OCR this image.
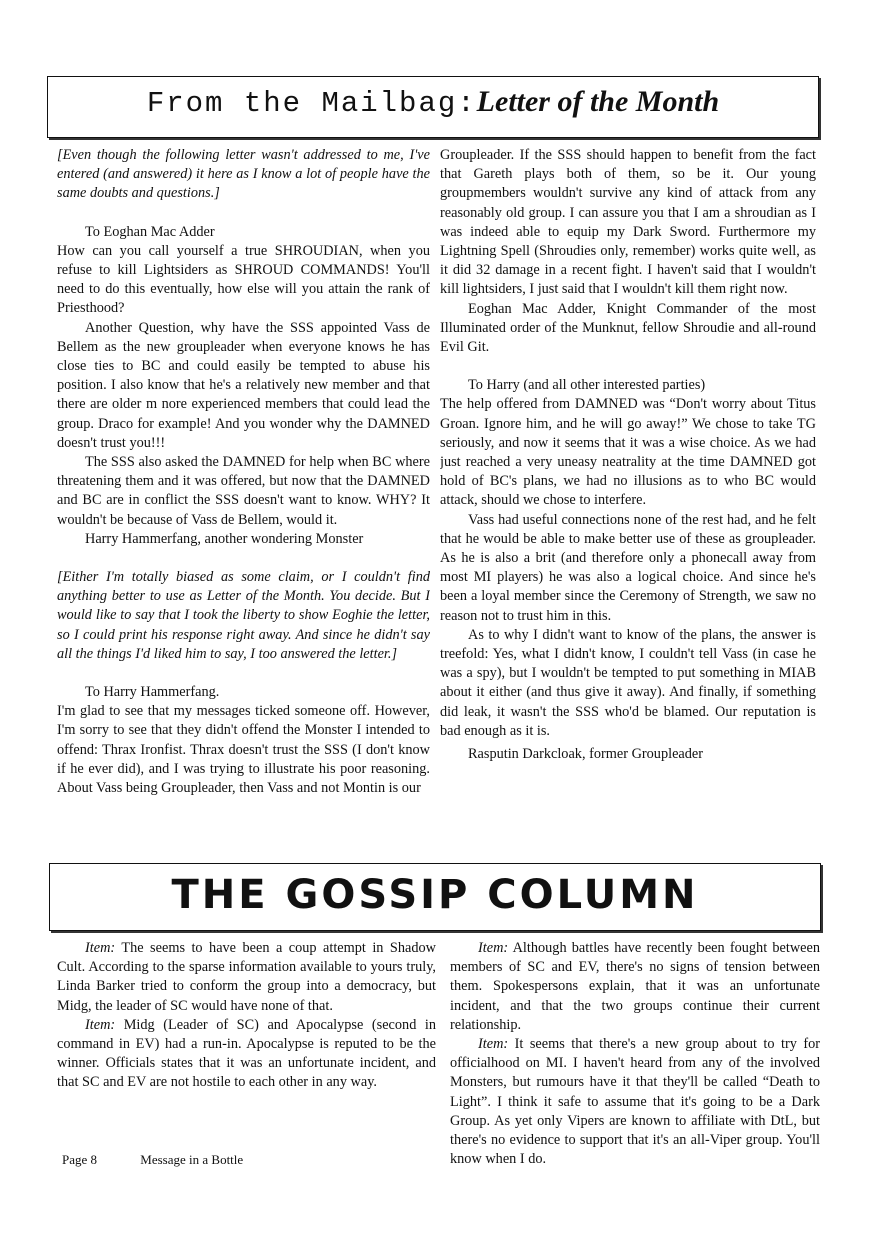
From the Mailbag:Letter of the Month

[Even though the following letter wasn't addressed to me, I've entered (and answered) it here as I know a lot of people have the same doubts and questions.]

To Eoghan Mac Adder

How can you call yourself a true SHROUDIAN, when you refuse to kill Lightsiders as SHROUD COMMANDS! You'll need to do this eventually, how else will you attain the rank of Priesthood?

Another Question, why have the SSS appointed Vass de Bellem as the new groupleader when everyone knows he has close ties to BC and could easily be tempted to abuse his position. I also know that he's a relatively new member and that there are older m nore experienced members that could lead the group. Draco for example! And you wonder why the DAMNED doesn't trust you!!!

The SSS also asked the DAMNED for help when BC where threatening them and it was offered, but now that the DAMNED and BC are in conflict the SSS doesn't want to know. WHY? It wouldn't be because of Vass de Bellem, would it.

Harry Hammerfang, another wondering Monster

[Either I'm totally biased as some claim, or I couldn't find anything better to use as Letter of the Month. You decide. But I would like to say that I took the liberty to show Eoghie the letter, so I could print his response right away. And since he didn't say all the things I'd liked him to say, I too answered the letter.]

To Harry Hammerfang.

I'm glad to see that my messages ticked someone off. However, I'm sorry to see that they didn't offend the Monster I intended to offend: Thrax Ironfist. Thrax doesn't trust the SSS (I don't know if he ever did), and I was trying to illustrate his poor reasoning. About Vass being Groupleader, then Vass and not Montin is our

Groupleader. If the SSS should happen to benefit from the fact that Gareth plays both of them, so be it. Our young groupmembers wouldn't survive any kind of attack from any reasonably old group. I can assure you that I am a shroudian as I was indeed able to equip my Dark Sword. Furthermore my Lightning Spell (Shroudies only, remember) works quite well, as it did 32 damage in a recent fight. I haven't said that I wouldn't kill lightsiders, I just said that I wouldn't kill them right now.

Eoghan Mac Adder, Knight Commander of the most Illuminated order of the Munknut, fellow Shroudie and all-round Evil Git.

To Harry (and all other interested parties)

The help offered from DAMNED was “Don't worry about Titus Groan. Ignore him, and he will go away!” We chose to take TG seriously, and now it seems that it was a wise choice. As we had just reached a very uneasy neatrality at the time DAMNED got hold of BC's plans, we had no illusions as to who BC would attack, should we chose to interfere.

Vass had useful connections none of the rest had, and he felt that he would be able to make better use of these as groupleader. As he is also a brit (and therefore only a phonecall away from most MI players) he was also a logical choice. And since he's been a loyal member since the Ceremony of Strength, we saw no reason not to trust him in this.

As to why I didn't want to know of the plans, the answer is treefold: Yes, what I didn't know, I couldn't tell Vass (in case he was a spy), but I wouldn't be tempted to put something in MIAB about it either (and thus give it away). And finally, if something did leak, it wasn't the SSS who'd be blamed. Our reputation is bad enough as it is.

Rasputin Darkcloak, former Groupleader

THE GOSSIP COLUMN

Item: The seems to have been a coup attempt in Shadow Cult. According to the sparse information available to yours truly, Linda Barker tried to conform the group into a democracy, but Midg, the leader of SC would have none of that.

Item: Midg (Leader of SC) and Apocalypse (second in command in EV) had a run-in. Apocalypse is reputed to be the winner. Officials states that it was an unfortunate incident, and that SC and EV are not hostile to each other in any way.

Item: Although battles have recently been fought between members of SC and EV, there's no signs of tension between them. Spokespersons explain, that it was an unfortunate incident, and that the two groups continue their current relationship.

Item: It seems that there's a new group about to try for officialhood on MI. I haven't heard from any of the involved Monsters, but rumours have it that they'll be called “Death to Light”. I think it safe to assume that it's going to be a Dark Group. As yet only Vipers are known to affiliate with DtL, but there's no evidence to support that it's an all-Viper group. You'll know when I do.

Page 8	Message in a Bottle
